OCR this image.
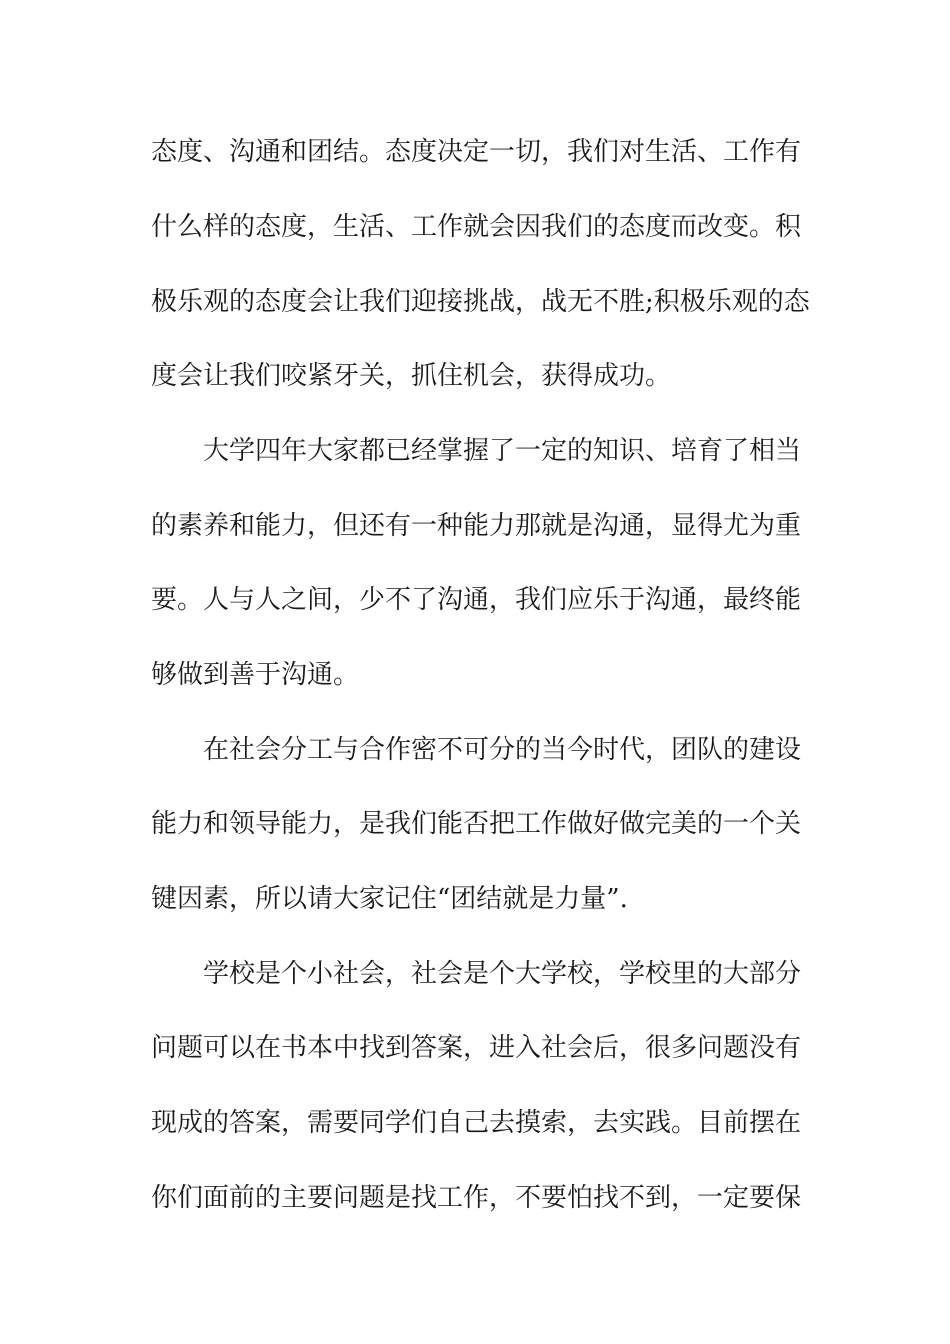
态度、沟通和团结。态度决定一切，我们对生活、工作有

什么样的态度，生活、工作就会因我们的态度而改变。积

极乐观的态度会让我们迎接挑战，战无不胜;积极乐观的态

度会让我们咬紧牙关，抓住机会，获得成功。

大学四年大家都已经掌握了一定的知识、培育了相当

的素养和能力，但还有一种能力那就是沟通，显得尤为重

要。人与人之间，少不了沟通，我们应乐于沟通，最终能

够做到善于沟通。

在社会分工与合作密不可分的当今时代，团队的建设

能力和领导能力，是我们能否把工作做好做完美的一个关

键因素，所以请大家记住“团结就是力量”.

学校是个小社会，社会是个大学校，学校里的大部分

问题可以在书本中找到答案，进入社会后，很多问题没有

现成的答案，需要同学们自己去摸索，去实践。目前摆在

你们面前的主要问题是找工作，不要怕找不到，一定要保
